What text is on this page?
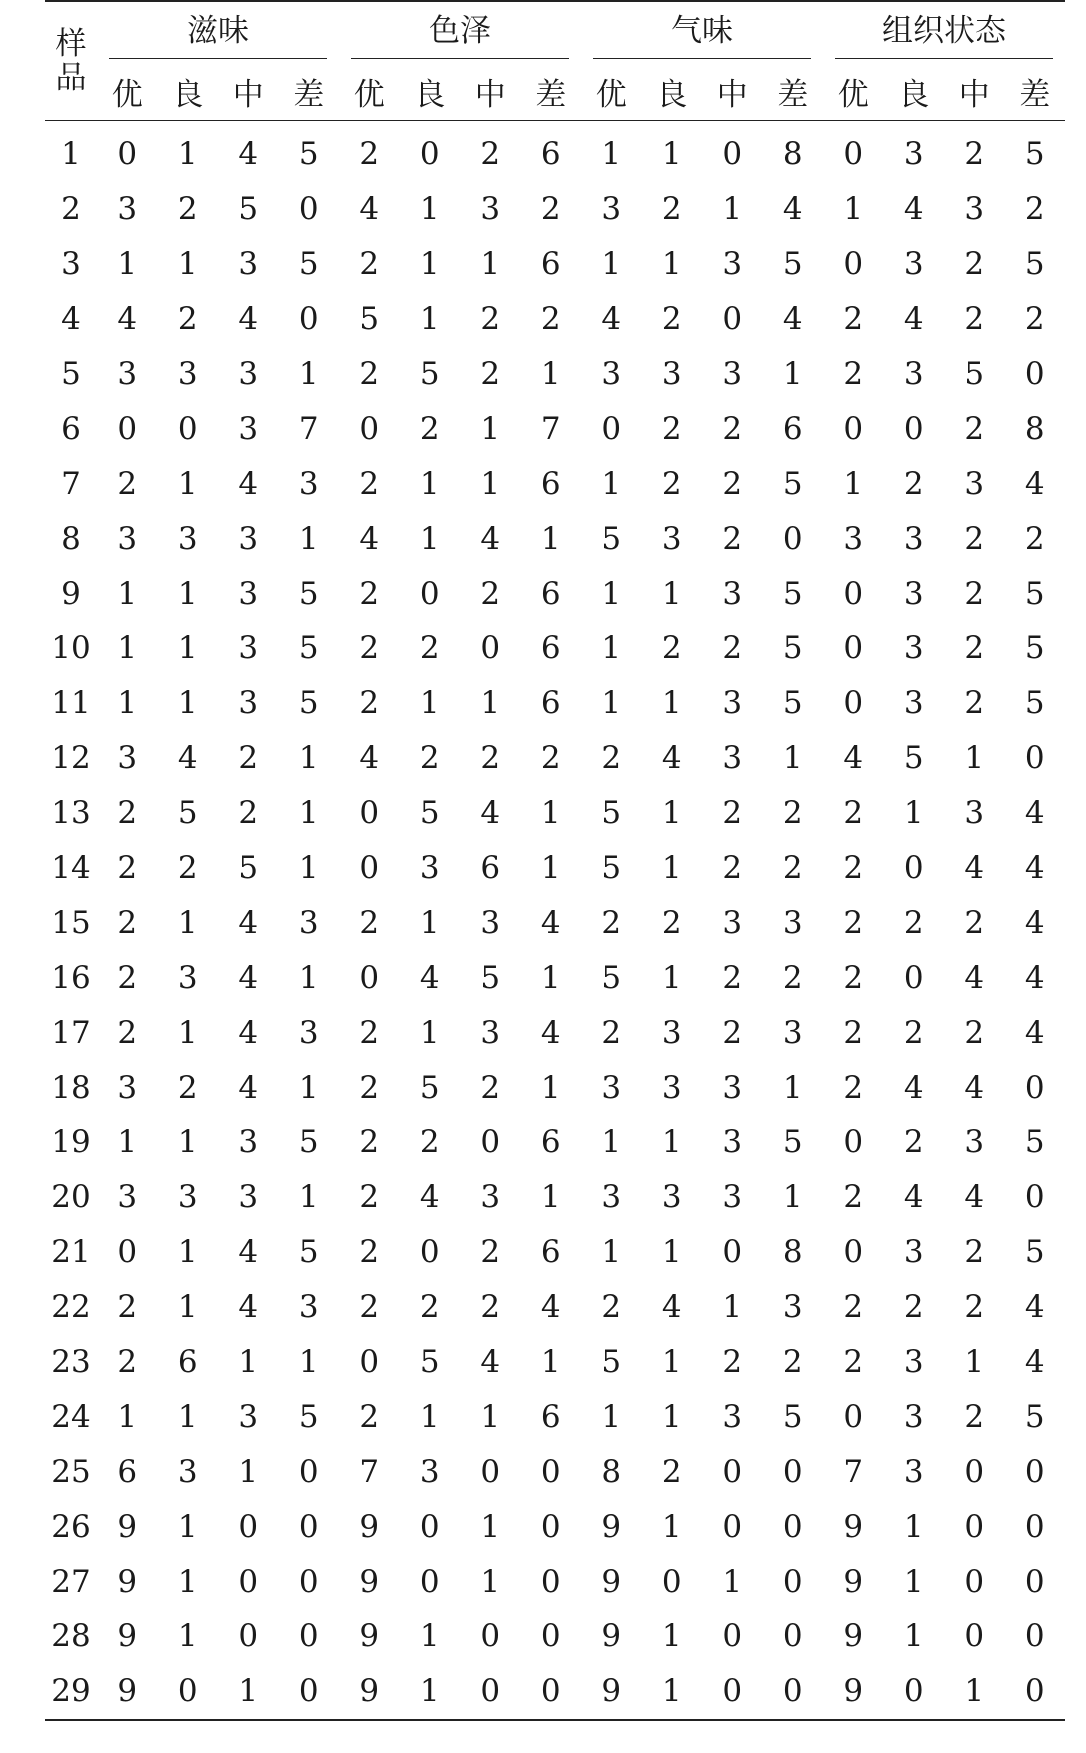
样品	滋味				色泽				气味				组织状态			

	优	良	中	差	优	良	中	差	优	良	中	差	优	良	中	差
1	0	1	4	5	2	0	2	6	1	1	0	8	0	3	2	5
2	3	2	5	0	4	1	3	2	3	2	1	4	1	4	3	2
3	1	1	3	5	2	1	1	6	1	1	3	5	0	3	2	5
4	4	2	4	0	5	1	2	2	4	2	0	4	2	4	2	2
5	3	3	3	1	2	5	2	1	3	3	3	1	2	3	5	0
6	0	0	3	7	0	2	1	7	0	2	2	6	0	0	2	8
7	2	1	4	3	2	1	1	6	1	2	2	5	1	2	3	4
8	3	3	3	1	4	1	4	1	5	3	2	0	3	3	2	2
9	1	1	3	5	2	0	2	6	1	1	3	5	0	3	2	5
10	1	1	3	5	2	2	0	6	1	2	2	5	0	3	2	5
11	1	1	3	5	2	1	1	6	1	1	3	5	0	3	2	5
12	3	4	2	1	4	2	2	2	2	4	3	1	4	5	1	0
13	2	5	2	1	0	5	4	1	5	1	2	2	2	1	3	4
14	2	2	5	1	0	3	6	1	5	1	2	2	2	0	4	4
15	2	1	4	3	2	1	3	4	2	2	3	3	2	2	2	4
16	2	3	4	1	0	4	5	1	5	1	2	2	2	0	4	4
17	2	1	4	3	2	1	3	4	2	3	2	3	2	2	2	4
18	3	2	4	1	2	5	2	1	3	3	3	1	2	4	4	0
19	1	1	3	5	2	2	0	6	1	1	3	5	0	2	3	5
20	3	3	3	1	2	4	3	1	3	3	3	1	2	4	4	0
21	0	1	4	5	2	0	2	6	1	1	0	8	0	3	2	5
22	2	1	4	3	2	2	2	4	2	4	1	3	2	2	2	4
23	2	6	1	1	0	5	4	1	5	1	2	2	2	3	1	4
24	1	1	3	5	2	1	1	6	1	1	3	5	0	3	2	5
25	6	3	1	0	7	3	0	0	8	2	0	0	7	3	0	0
26	9	1	0	0	9	0	1	0	9	1	0	0	9	1	0	0
27	9	1	0	0	9	0	1	0	9	0	1	0	9	1	0	0
28	9	1	0	0	9	1	0	0	9	1	0	0	9	1	0	0
29	9	0	1	0	9	1	0	0	9	1	0	0	9	0	1	0
